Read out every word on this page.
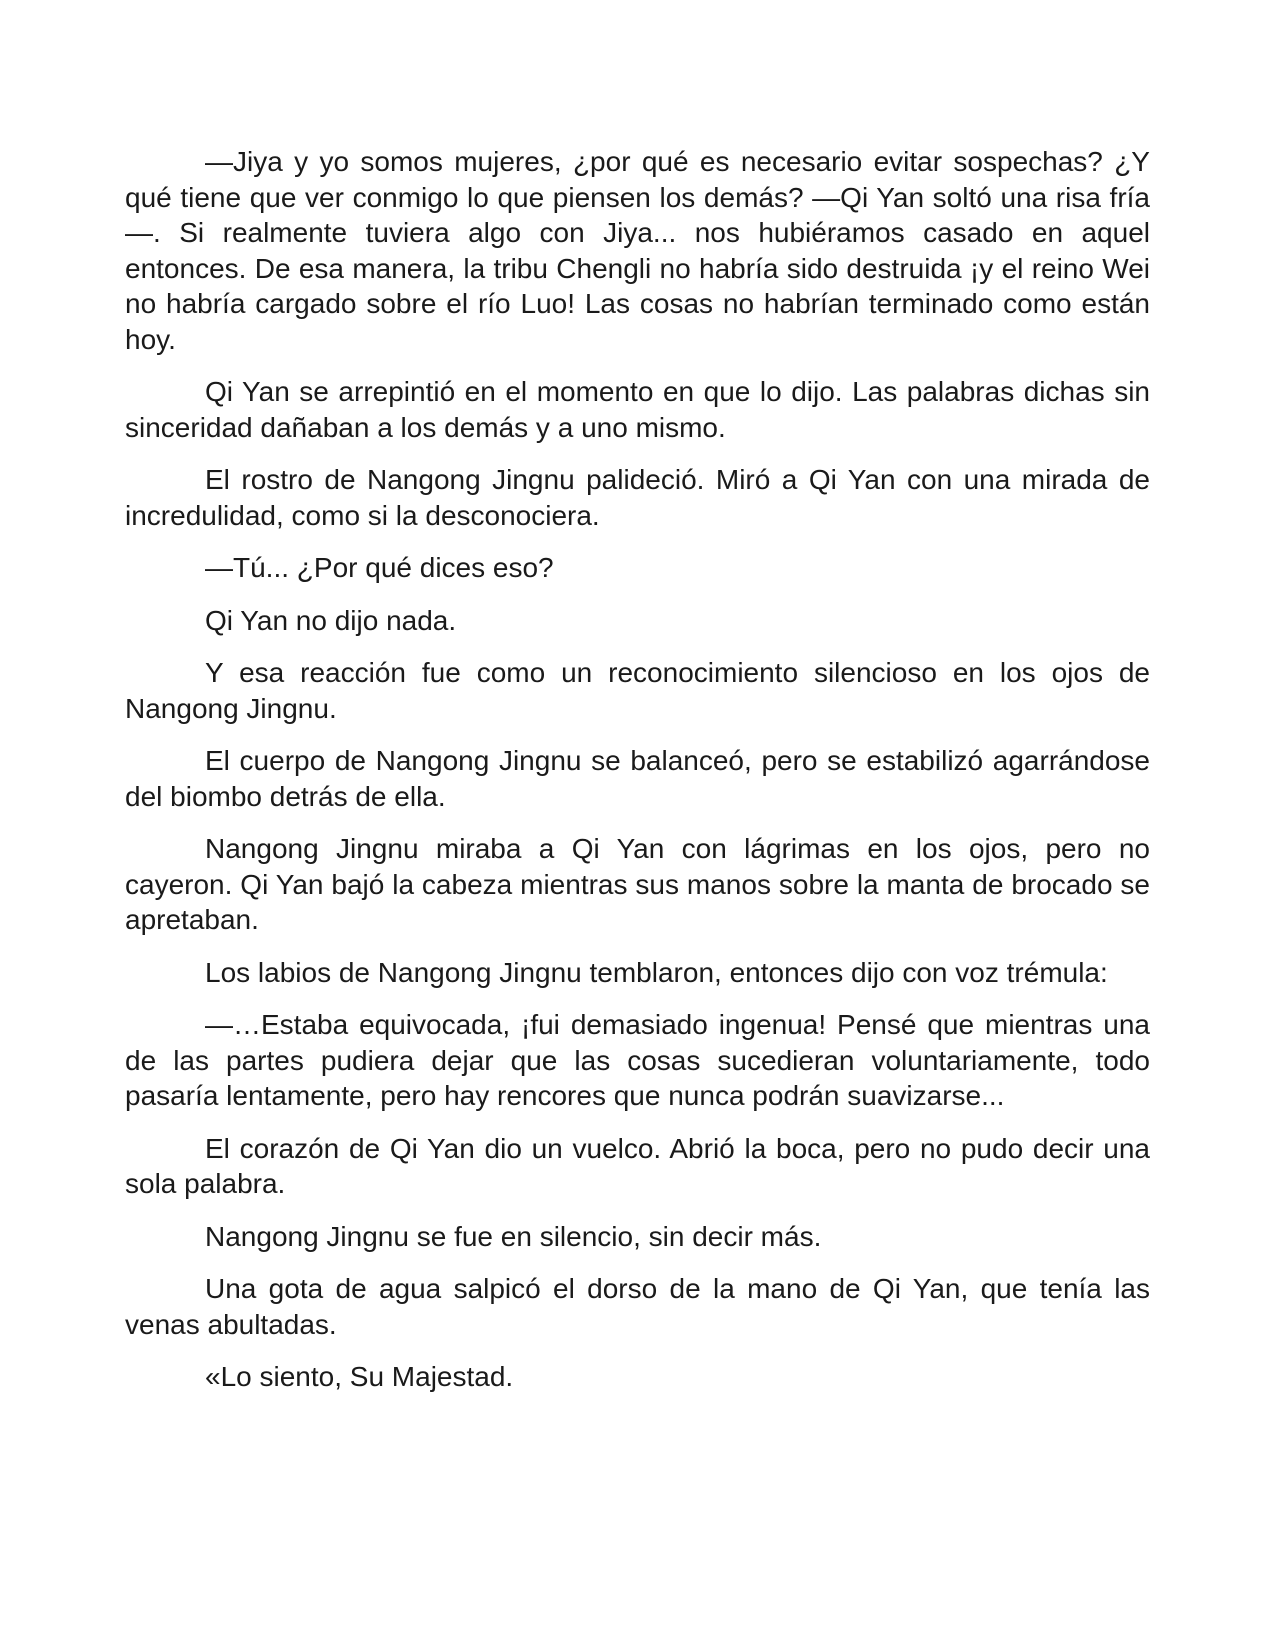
—Jiya y yo somos mujeres, ¿por qué es necesario evitar sospechas? ¿Y qué tiene que ver conmigo lo que piensen los demás? —Qi Yan soltó una risa fría—. Si realmente tuviera algo con Jiya... nos hubiéramos casado en aquel entonces. De esa manera, la tribu Chengli no habría sido destruida ¡y el reino Wei no habría cargado sobre el río Luo! Las cosas no habrían terminado como están hoy.

Qi Yan se arrepintió en el momento en que lo dijo. Las palabras dichas sin sinceridad dañaban a los demás y a uno mismo.

El rostro de Nangong Jingnu palideció. Miró a Qi Yan con una mirada de incredulidad, como si la desconociera.

—Tú... ¿Por qué dices eso?

Qi Yan no dijo nada.

Y esa reacción fue como un reconocimiento silencioso en los ojos de Nangong Jingnu.

El cuerpo de Nangong Jingnu se balanceó, pero se estabilizó agarrándose del biombo detrás de ella.

Nangong Jingnu miraba a Qi Yan con lágrimas en los ojos, pero no cayeron. Qi Yan bajó la cabeza mientras sus manos sobre la manta de brocado se apretaban.

Los labios de Nangong Jingnu temblaron, entonces dijo con voz trémula:

—…Estaba equivocada, ¡fui demasiado ingenua! Pensé que mientras una de las partes pudiera dejar que las cosas sucedieran voluntariamente, todo pasaría lentamente, pero hay rencores que nunca podrán suavizarse...

El corazón de Qi Yan dio un vuelco. Abrió la boca, pero no pudo decir una sola palabra.

Nangong Jingnu se fue en silencio, sin decir más.

Una gota de agua salpicó el dorso de la mano de Qi Yan, que tenía las venas abultadas.

«Lo siento, Su Majestad.
